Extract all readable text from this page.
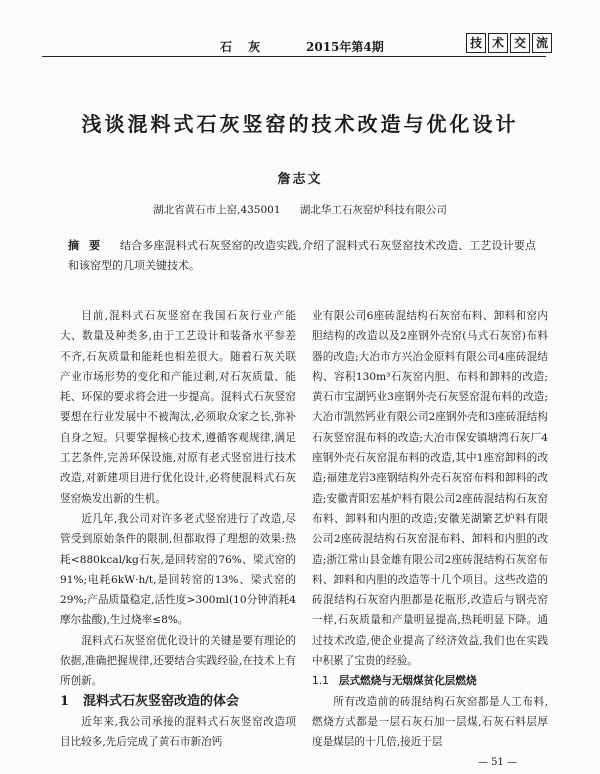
石 灰	2015年第4期	技 术 交 流
浅谈混料式石灰竖窑的技术改造与优化设计
詹志文
湖北省黄石市上窑,435001 湖北华工石灰窑炉科技有限公司
摘要 结合多座混料式石灰竖窑的改造实践,介绍了混料式石灰竖窑技术改造、工艺设计要点和该窑型的几项关键技术。

目前,混料式石灰竖窑在我国石灰行业产能大、数量及种类多,由于工艺设计和装备水平参差不齐,石灰质量和能耗也相差很大。随着石灰关联产业市场形势的变化和产能过剩,对石灰质量、能耗、环保的要求将会进一步提高。混料式石灰竖窑要想在行业发展中不被淘汰,必须取众家之长,弥补自身之短。只要掌握核心技术,遵循客观规律,满足工艺条件,完善环保设施,对原有老式竖窑进行技术改造,对新建项目进行优化设计,必将使混料式石灰竖窑焕发出新的生机。

近几年,我公司对许多老式竖窑进行了改造,尽管受到原始条件的限制,但都取得了理想的效果:热耗<880kcal/kg石灰,是回转窑的76%、梁式窑的91%;电耗6kW·h/t,是回转窑的13%、梁式窑的29%;产品质量稳定,活性度>300ml(10分钟消耗4摩尔盐酸),生过烧率≤8%。

混料式石灰竖窑优化设计的关键是要有理论的依据,准确把握规律,还要结合实践经验,在技术上有所创新。

1 混料式石灰竖窑改造的体会

近年来,我公司承接的混料式石灰竖窑改造项目比较多,先后完成了黄石市新冶钙

业有限公司6座砖混结构石灰窑布料、卸料和窑内胆结构的改造以及2座钢外壳窑(马式石灰窑)布料器的改造;大冶市方兴冶金原料有限公司4座砖混结构、容积130m³石灰窑内胆、布料和卸料的改造;黄石市宝湖钙业3座钢外壳石灰竖窑混布料的改造;大冶市凯然钙业有限公司2座钢外壳和3座砖混结构石灰竖窑混布料的改造;大冶市保安镇塘湾石灰厂4座钢外壳石灰窑混布料的改造,其中1座窑卸料的改造;福建龙岩3座钢结构外壳石灰窑布料和卸料的改造;安徽青阳宏基炉料有限公司2座砖混结构石灰窑布料、卸料和内胆的改造;安徽芜湖繁艺炉料有限公司2座砖混结构石灰窑混布料、卸料和内胆的改造;浙江常山县金雄有限公司2座砖混结构石灰窑布料、卸料和内胆的改造等十几个项目。这些改造的砖混结构石灰窑内胆都是花瓶形,改造后与钢壳窑一样,石灰质量和产量明显提高,热耗明显下降。通过技术改造,使企业提高了经济效益,我们也在实践中积累了宝贵的经验。

1.1 层式燃烧与无烟煤贫化层燃烧

所有改造前的砖混结构石灰窑都是人工布料,燃烧方式都是一层石灰石加一层煤,石灰石料层厚度是煤层的十几倍,接近于层

— 51 —
